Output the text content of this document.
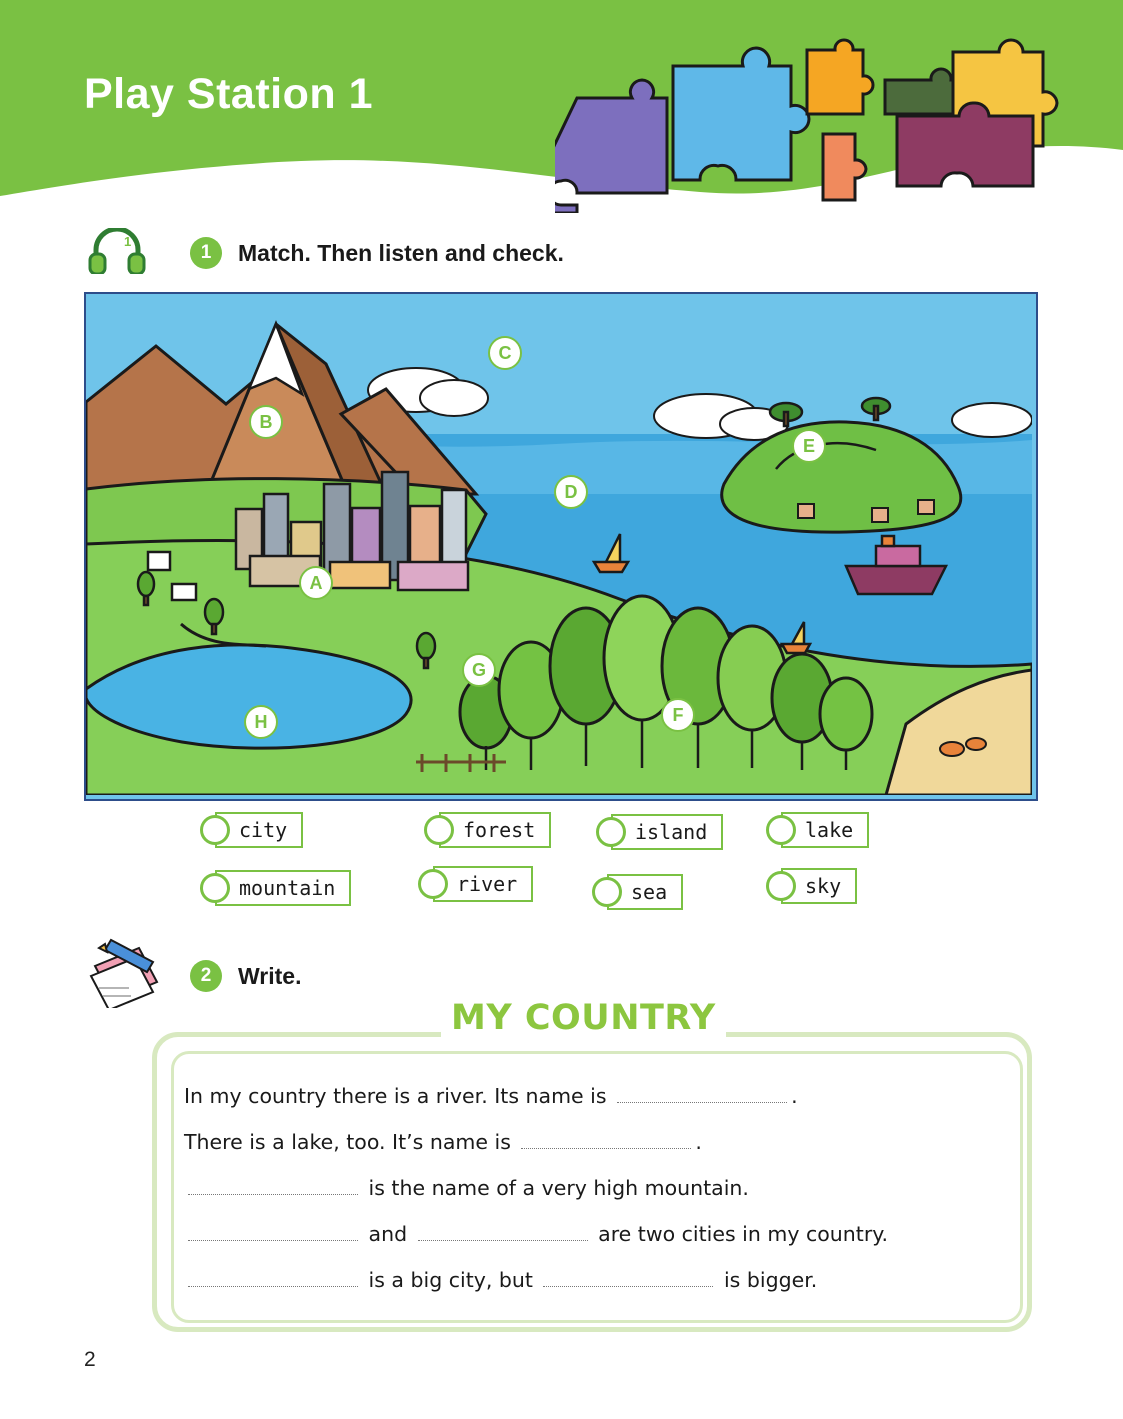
Play Station 1
1
1	Match. Then listen and check.
A
B
C
D
E
F
G
H
city	forest	island	lake
mountain	river	sea	sky
2	Write.
MY COUNTRY
In my country there is a river. Its name is	.
There is a lake, too. It’s name is	.
is the name of a very high mountain.
and	are two cities in my country.
is a big city, but	is bigger.
2
